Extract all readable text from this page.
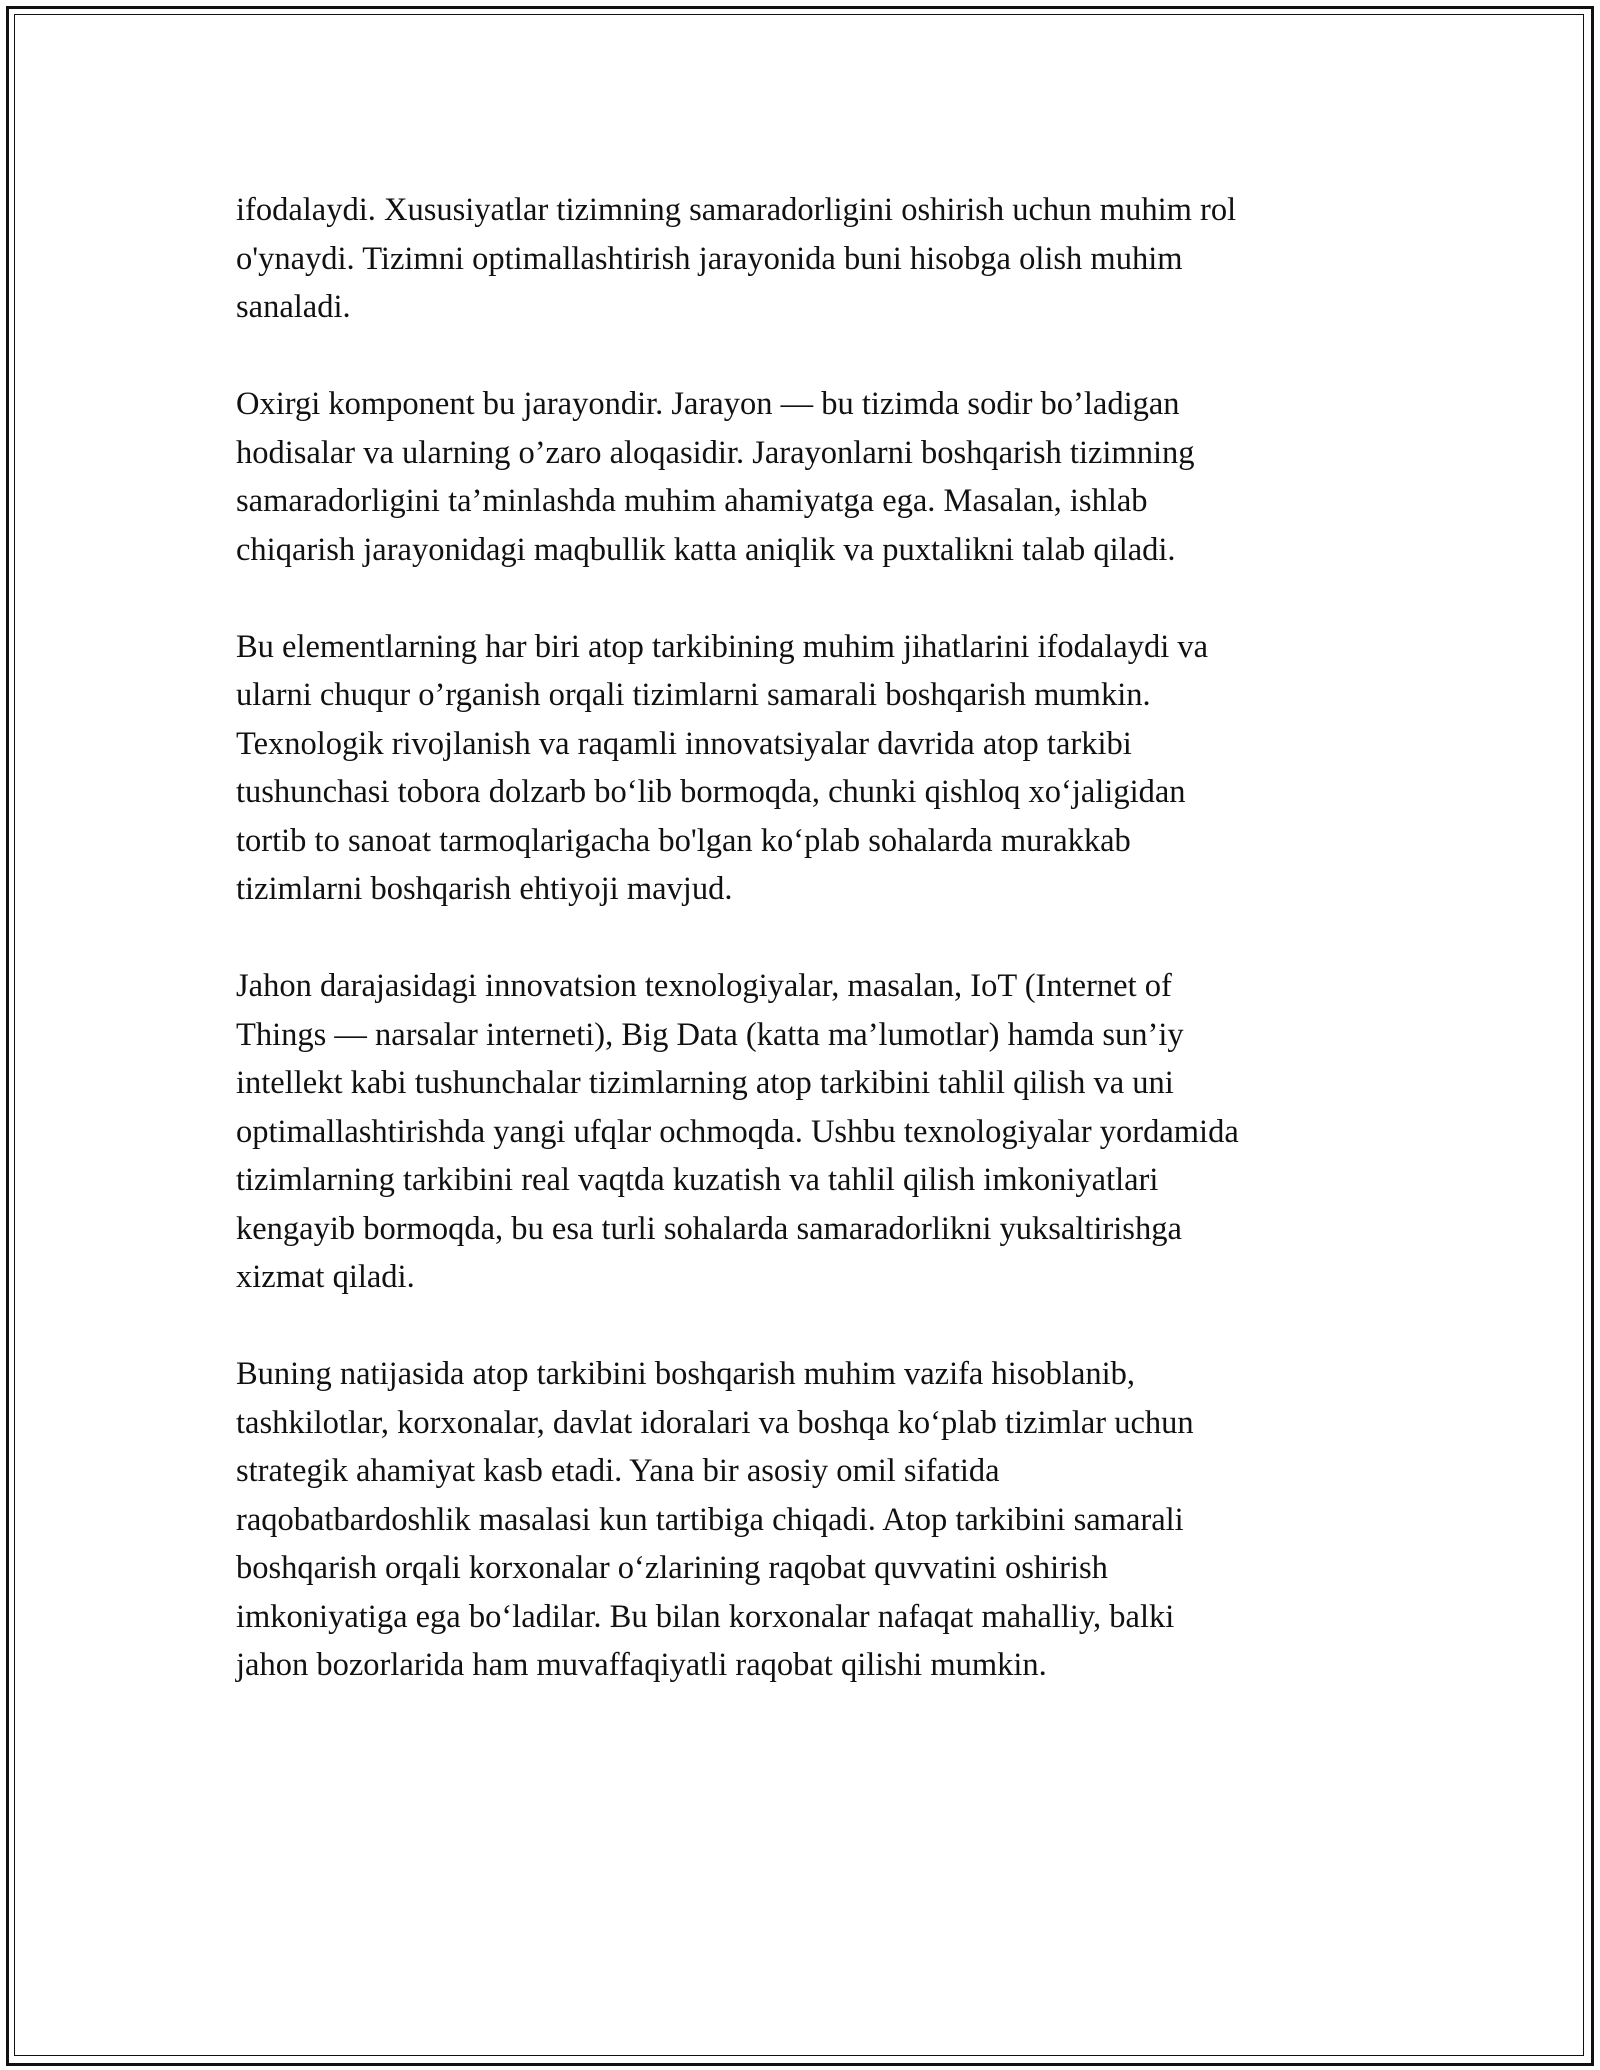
ifodalaydi. Xususiyatlar tizimning samaradorligini oshirish uchun muhim rol
o'ynaydi. Tizimni optimallashtirish jarayonida buni hisobga olish muhim
sanaladi.

Oxirgi komponent bu jarayondir. Jarayon — bu tizimda sodir bo’ladigan
hodisalar va ularning o’zaro aloqasidir. Jarayonlarni boshqarish tizimning
samaradorligini ta’minlashda muhim ahamiyatga ega. Masalan, ishlab
chiqarish jarayonidagi maqbullik katta aniqlik va puxtalikni talab qiladi.

Bu elementlarning har biri atop tarkibining muhim jihatlarini ifodalaydi va
ularni chuqur o’rganish orqali tizimlarni samarali boshqarish mumkin.
Texnologik rivojlanish va raqamli innovatsiyalar davrida atop tarkibi
tushunchasi tobora dolzarb bo‘lib bormoqda, chunki qishloq xo‘jaligidan
tortib to sanoat tarmoqlarigacha bo'lgan ko‘plab sohalarda murakkab
tizimlarni boshqarish ehtiyoji mavjud.

Jahon darajasidagi innovatsion texnologiyalar, masalan, IoT (Internet of
Things — narsalar interneti), Big Data (katta ma’lumotlar) hamda sun’iy
intellekt kabi tushunchalar tizimlarning atop tarkibini tahlil qilish va uni
optimallashtirishda yangi ufqlar ochmoqda. Ushbu texnologiyalar yordamida
tizimlarning tarkibini real vaqtda kuzatish va tahlil qilish imkoniyatlari
kengayib bormoqda, bu esa turli sohalarda samaradorlikni yuksaltirishga
xizmat qiladi.

Buning natijasida atop tarkibini boshqarish muhim vazifa hisoblanib,
tashkilotlar, korxonalar, davlat idoralari va boshqa ko‘plab tizimlar uchun
strategik ahamiyat kasb etadi. Yana bir asosiy omil sifatida
raqobatbardoshlik masalasi kun tartibiga chiqadi. Atop tarkibini samarali
boshqarish orqali korxonalar o‘zlarining raqobat quvvatini oshirish
imkoniyatiga ega bo‘ladilar. Bu bilan korxonalar nafaqat mahalliy, balki
jahon bozorlarida ham muvaffaqiyatli raqobat qilishi mumkin.
